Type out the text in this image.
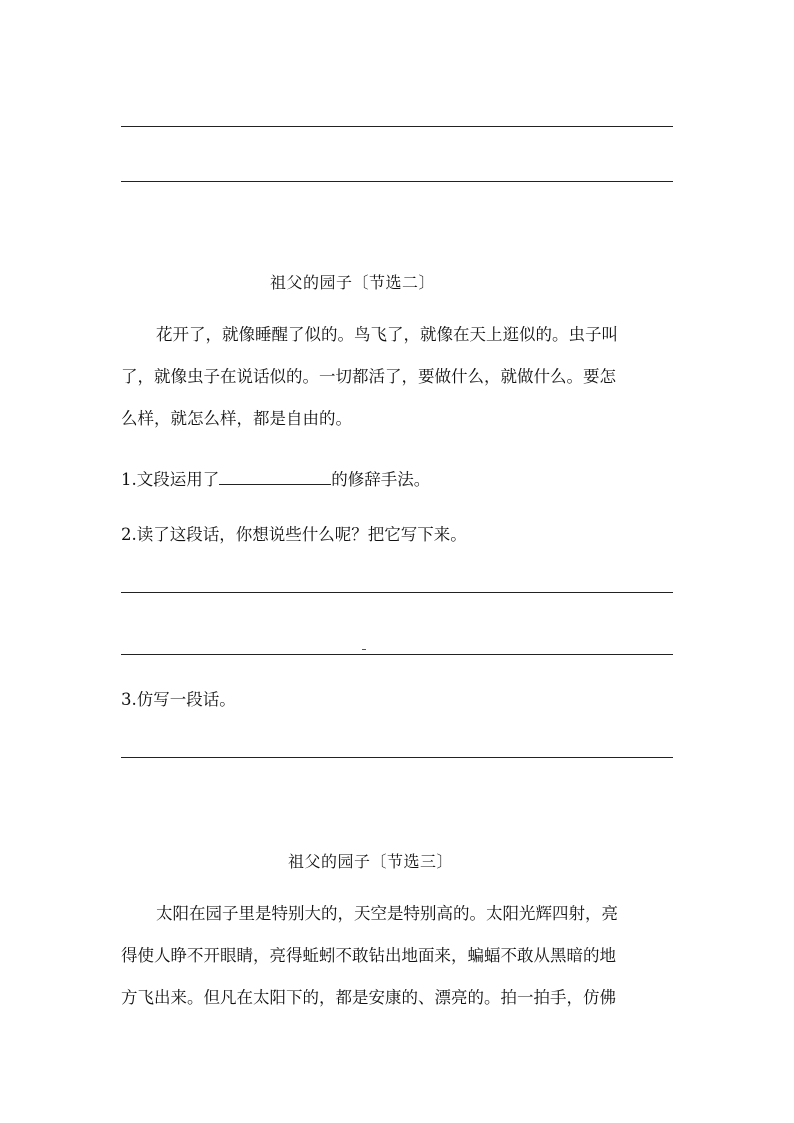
祖父的园子〔节选二〕
花开了，就像睡醒了似的。鸟飞了，就像在天上逛似的。虫子叫
了，就像虫子在说话似的。一切都活了，要做什么，就做什么。要怎
么样，就怎么样，都是自由的。
1.文段运用了	的修辞手法。
2.读了这段话，你想说些什么呢？把它写下来。
3.仿写一段话。
祖父的园子〔节选三〕
太阳在园子里是特别大的，天空是特别高的。太阳光辉四射，亮
得使人睁不开眼睛，亮得蚯蚓不敢钻出地面来，蝙蝠不敢从黑暗的地
方飞出来。但凡在太阳下的，都是安康的、漂亮的。拍一拍手，仿佛
